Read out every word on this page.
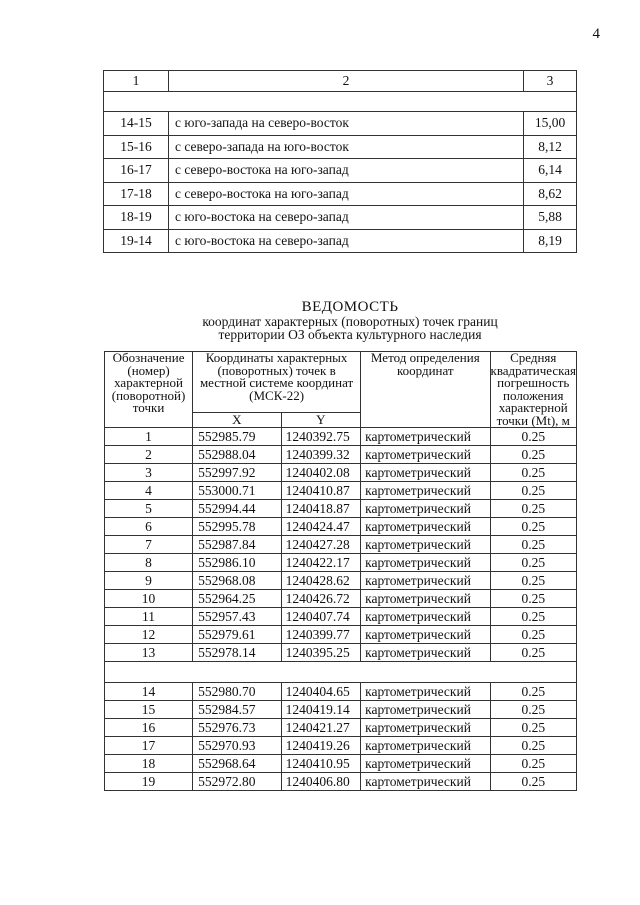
4
1	2	3

14-15	с юго-запада на северо-восток	15,00
15-16	с северо-запада на юго-восток	8,12
16-17	с северо-востока на юго-запад	6,14
17-18	с северо-востока на юго-запад	8,62
18-19	с юго-востока на северо-запад	5,88
19-14	с юго-востока на северо-запад	8,19
ВЕДОМОСТЬ
координат характерных (поворотных) точек границ
территории ОЗ объекта культурного наследия
Обозначение (номер) характерной (поворотной) точки	Координаты характерных (поворотных) точек в местной системе координат (МСК-22)		Метод определения координат	Средняя квадратическая погрешность положения характерной точки (Mt), м
	X	Y		
1	552985.79	1240392.75	картометрический	0.25
2	552988.04	1240399.32	картометрический	0.25
3	552997.92	1240402.08	картометрический	0.25
4	553000.71	1240410.87	картометрический	0.25
5	552994.44	1240418.87	картометрический	0.25
6	552995.78	1240424.47	картометрический	0.25
7	552987.84	1240427.28	картометрический	0.25
8	552986.10	1240422.17	картометрический	0.25
9	552968.08	1240428.62	картометрический	0.25
10	552964.25	1240426.72	картометрический	0.25
11	552957.43	1240407.74	картометрический	0.25
12	552979.61	1240399.77	картометрический	0.25
13	552978.14	1240395.25	картометрический	0.25

14	552980.70	1240404.65	картометрический	0.25
15	552984.57	1240419.14	картометрический	0.25
16	552976.73	1240421.27	картометрический	0.25
17	552970.93	1240419.26	картометрический	0.25
18	552968.64	1240410.95	картометрический	0.25
19	552972.80	1240406.80	картометрический	0.25
